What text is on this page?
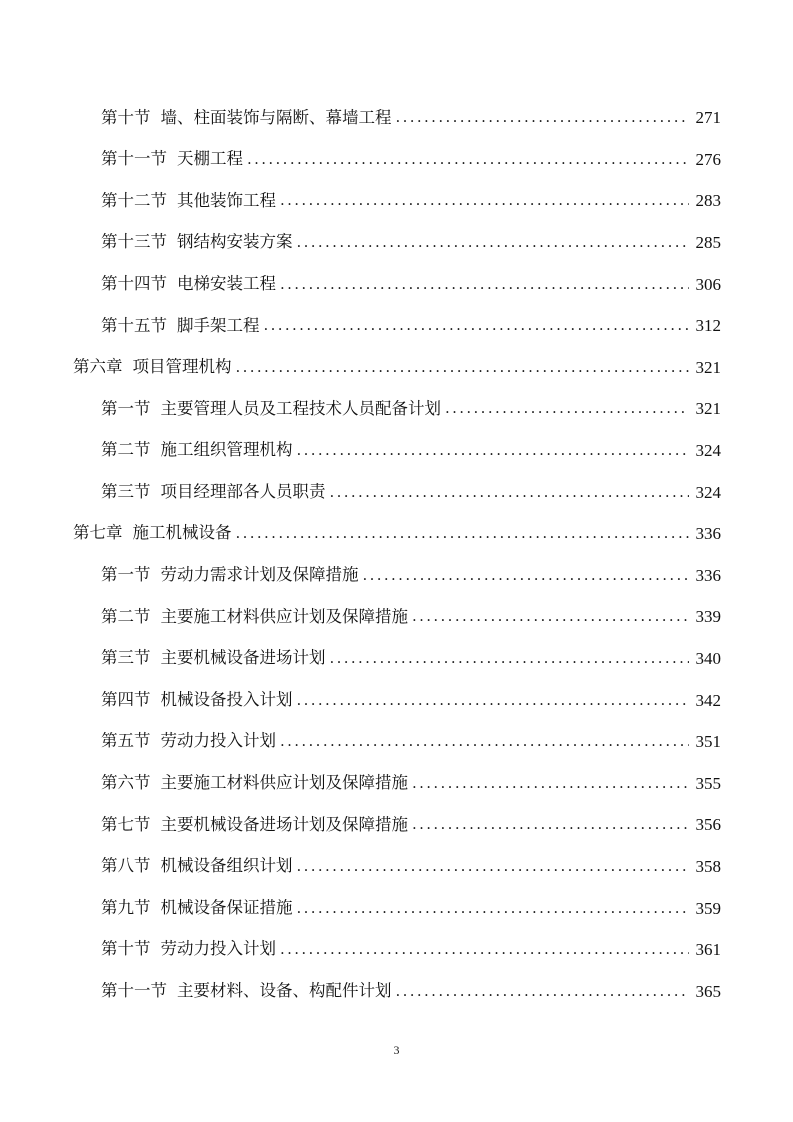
第十节 墙、柱面装饰与隔断、幕墙工程 . . .	271
第十一节 天棚工程 . . .	276
第十二节 其他装饰工程 . . .	283
第十三节 钢结构安装方案 . . .	285
第十四节 电梯安装工程 . . .	306
第十五节 脚手架工程 . . .	312
第六章 项目管理机构 . . .	321
第一节 主要管理人员及工程技术人员配备计划 . . .	321
第二节 施工组织管理机构 . . .	324
第三节 项目经理部各人员职责 . . .	324
第七章 施工机械设备 . . .	336
第一节 劳动力需求计划及保障措施 . . .	336
第二节 主要施工材料供应计划及保障措施 . . .	339
第三节 主要机械设备进场计划 . . .	340
第四节 机械设备投入计划 . . .	342
第五节 劳动力投入计划 . . .	351
第六节 主要施工材料供应计划及保障措施 . . .	355
第七节 主要机械设备进场计划及保障措施 . . .	356
第八节 机械设备组织计划 . . .	358
第九节 机械设备保证措施 . . .	359
第十节 劳动力投入计划 . . .	361
第十一节 主要材料、设备、构配件计划 . . .	365
3
